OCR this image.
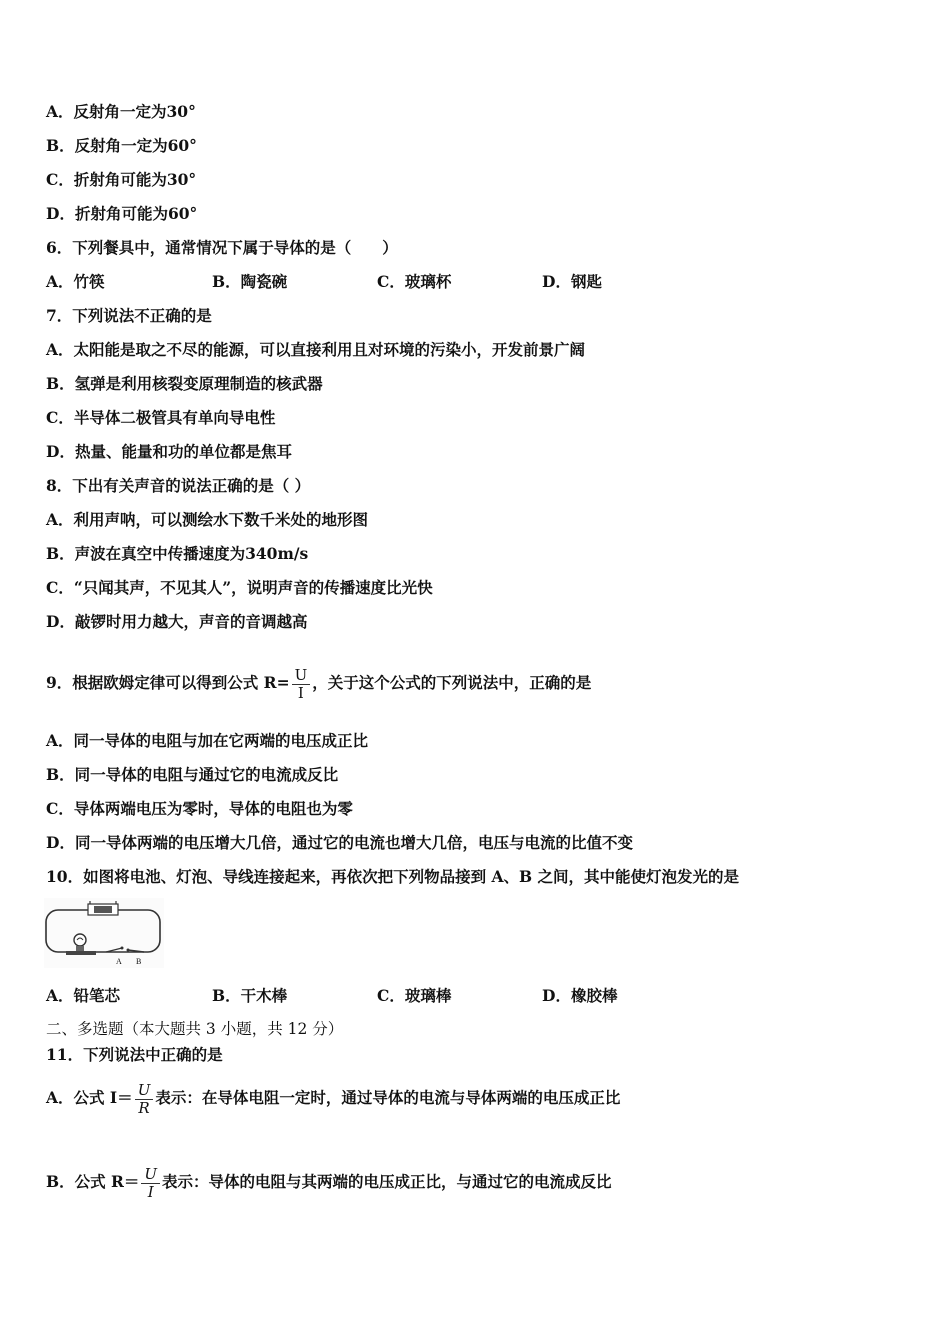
A．反射角一定为30°
B．反射角一定为60°
C．折射角可能为30°
D．折射角可能为60°
6．下列餐具中，通常情况下属于导体的是（　　）
A．竹筷	B．陶瓷碗	C．玻璃杯	D．钢匙
7．下列说法不正确的是
A．太阳能是取之不尽的能源，可以直接利用且对环境的污染小，开发前景广阔
B．氢弹是利用核裂变原理制造的核武器
C．半导体二极管具有单向导电性
D．热量、能量和功的单位都是焦耳
8．下出有关声音的说法正确的是（ ）
A．利用声呐，可以测绘水下数千米处的地形图
B．声波在真空中传播速度为340m/s
C．“只闻其声，不见其人”，说明声音的传播速度比光快
D．敲锣时用力越大，声音的音调越高
9．根据欧姆定律可以得到公式 $R= \frac{U}{I}$ ，关于这个公式的下列说法中，正确的是
A．同一导体的电阻与加在它两端的电压成正比
B．同一导体的电阻与通过它的电流成反比
C．导体两端电压为零时，导体的电阻也为零
D．同一导体两端的电压增大几倍，通过它的电流也增大几倍，电压与电流的比值不变
10．如图将电池、灯泡、导线连接起来，再依次把下列物品接到 A、B 之间，其中能使灯泡发光的是
A B
A．铅笔芯	B．干木棒	C．玻璃棒	D．橡胶棒
二、多选题（本大题共 3 小题，共 12 分）
11．下列说法中正确的是
A．公式 $I= \frac{U}{R}$ 表示：在导体电阻一定时，通过导体的电流与导体两端的电压成正比
B．公式 $R= \frac{U}{I}$ 表示：导体的电阻与其两端的电压成正比，与通过它的电流成反比
